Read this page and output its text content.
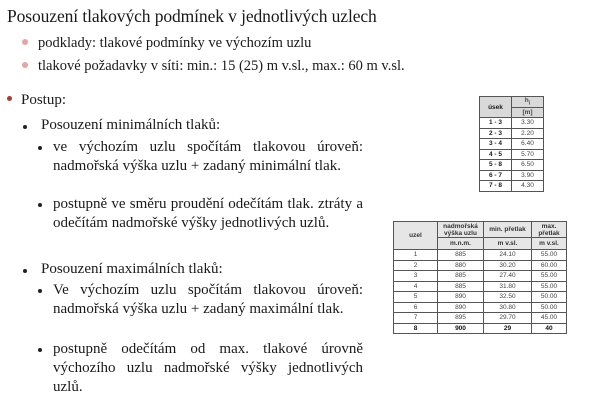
Posouzení tlakových podmínek v jednotlivých uzlech
podklady: tlakové podmínky ve výchozím uzlu
tlakové požadavky v síti: min.: 15 (25) m v.sl., max.: 60 m v.sl.
Postup:
Posouzení minimálních tlaků:
ve výchozím uzlu spočítám tlakovou úroveň: nadmořská výška uzlu + zadaný minimální tlak.
postupně ve směru proudění odečítám tlak. ztráty a odečítám nadmořské výšky jednotlivých uzlů.
Posouzení maximálních tlaků:
Ve výchozím uzlu spočítám tlakovou úroveň: nadmořská výška uzlu + zadaný maximální tlak.
postupně odečítám od max. tlakové úrovně výchozího uzlu nadmořské výšky jednotlivých uzlů.
úsek	$h_i$
	[m]
1 - 3	3.30
2 - 3	2.20
3 - 4	6.40
4 - 5	5.70
5 - 8	6.50
6 - 7	3.90
7 - 8	4.30
uzel	nadmořská výška uzlu	min. přetlak	max. přetlak
	m.n.m.	m v.sl.	m v.sl.
1	885	24.10	55.00
2	880	30.20	60.00
3	885	27.40	55.00
4	885	31.80	55.00
5	890	32.50	50.00
6	890	30.80	50.00
7	895	29.70	45.00
8	900	29	40
